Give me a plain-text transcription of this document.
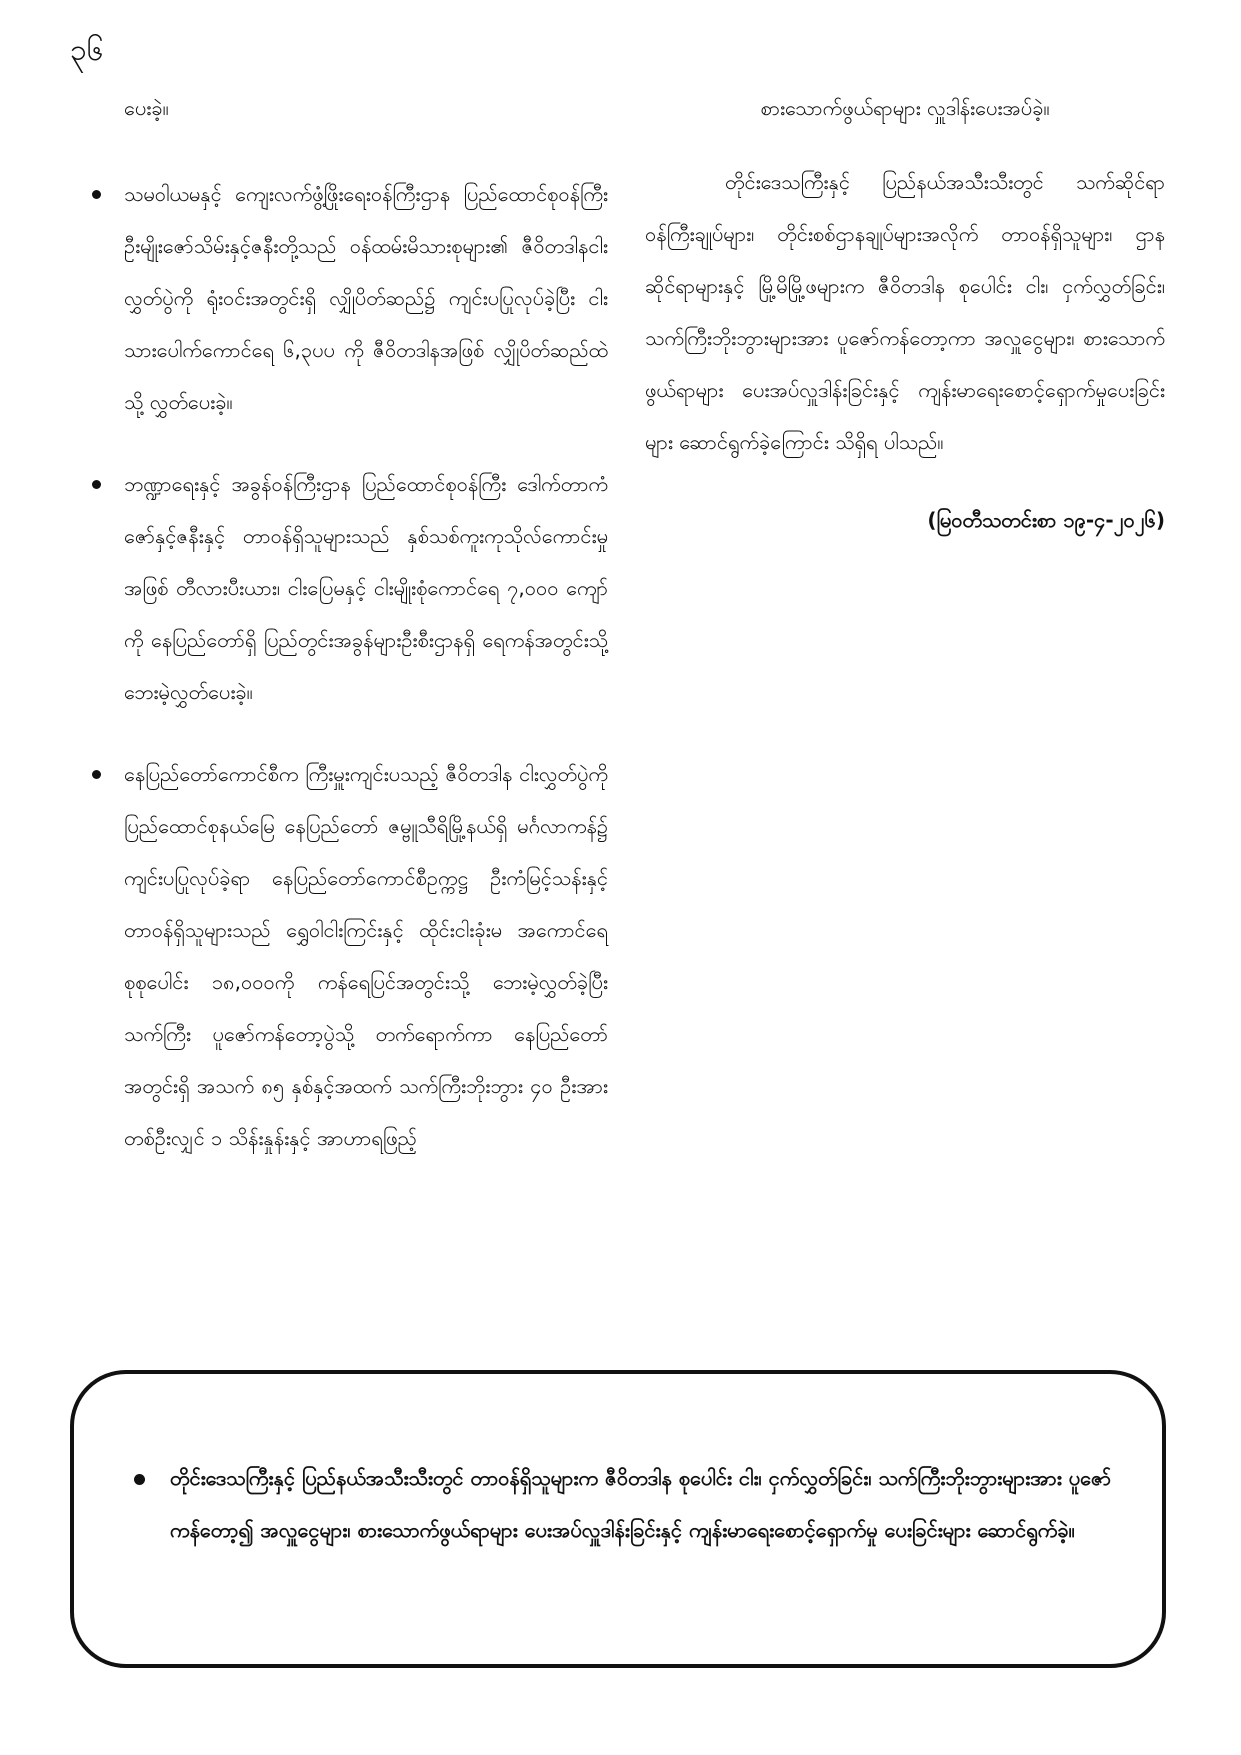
၃၆
ပေးခဲ့။
သမဝါယမနှင့် ကျေးလက်ဖွံ့ဖြိုးရေးဝန်ကြီးဌာန ပြည်ထောင်စုဝန်ကြီး ဦးမျိုးဇော်သိမ်းနှင့်ဇနီးတို့သည် ဝန်ထမ်းမိသားစုများ၏ ဇီဝိတဒါနငါးလွှတ်ပွဲကို ရုံးဝင်းအတွင်းရှိ လျှိုပိတ်ဆည်၌ ကျင်းပပြုလုပ်ခဲ့ပြီး ငါးသားပေါက်ကောင်ရေ ၆,၃ပပ ကို ဇီဝိတဒါနအဖြစ် လျှိုပိတ်ဆည်ထဲသို့ လွှတ်ပေးခဲ့။
ဘဏ္ဍာရေးနှင့် အခွန်ဝန်ကြီးဌာန ပြည်ထောင်စုဝန်ကြီး ဒေါက်တာကံဇော်နှင့်ဇနီးနှင့် တာဝန်ရှိသူများသည် နှစ်သစ်ကူးကုသိုလ်ကောင်းမှုအဖြစ် တီလားပီးယား၊ ငါးပြေမနှင့် ငါးမျိုးစုံကောင်ရေ ၇,၀၀၀ ကျော်ကို နေပြည်တော်ရှိ ပြည်တွင်းအခွန်များဦးစီးဌာနရှိ ရေကန်အတွင်းသို့ ဘေးမဲ့လွှတ်ပေးခဲ့။
နေပြည်တော်ကောင်စီက ကြီးမှူးကျင်းပသည့် ဇီဝိတဒါန ငါးလွှတ်ပွဲကို ပြည်ထောင်စုနယ်မြေ နေပြည်တော် ဇမ္ဗူသီရိမြို့နယ်ရှိ မင်္ဂလာကန်၌ ကျင်းပပြုလုပ်ခဲ့ရာ နေပြည်တော်ကောင်စီဥက္ကဋ္ဌ ဦးကံမြင့်သန်းနှင့်တာဝန်ရှိသူများသည် ရွှေဝါငါးကြင်းနှင့် ထိုင်းငါးခုံးမ အကောင်ရေ စုစုပေါင်း ၁၈,၀၀၀ကို ကန်ရေပြင်အတွင်းသို့ ဘေးမဲ့လွှတ်ခဲ့ပြီး သက်ကြီး ပူဇော်ကန်တော့ပွဲသို့ တက်ရောက်ကာ နေပြည်တော်အတွင်းရှိ အသက် ၈၅ နှစ်နှင့်အထက် သက်ကြီးဘိုးဘွား ၄၀ ဦးအား တစ်ဦးလျှင် ၁ သိန်းနှုန်းနှင့် အာဟာရဖြည့်
စားသောက်ဖွယ်ရာများ လှူဒါန်းပေးအပ်ခဲ့။
တိုင်းဒေသကြီးနှင့် ပြည်နယ်အသီးသီးတွင် သက်ဆိုင်ရာ ဝန်ကြီးချုပ်များ၊ တိုင်းစစ်ဌာနချုပ်များအလိုက် တာဝန်ရှိသူများ၊ ဌာနဆိုင်ရာများနှင့် မြို့မိမြို့ဖများက ဇီဝိတဒါန စုပေါင်း ငါး၊ ငှက်လွှတ်ခြင်း၊ သက်ကြီးဘိုးဘွားများအား ပူဇော်ကန်တော့ကာ အလှူငွေများ၊ စားသောက်ဖွယ်ရာများ ပေးအပ်လှူဒါန်းခြင်းနှင့် ကျန်းမာရေးစောင့်ရှောက်မှုပေးခြင်းများ ဆောင်ရွက်ခဲ့ကြောင်း သိရှိရ ပါသည်။
(မြဝတီသတင်းစာ ၁၉-၄-၂၀၂၆)
တိုင်းဒေသကြီးနှင့် ပြည်နယ်အသီးသီးတွင် တာဝန်ရှိသူများက ဇီဝိတဒါန စုပေါင်း ငါး၊ ငှက်လွှတ်ခြင်း၊ သက်ကြီးဘိုးဘွားများအား ပူဇော်ကန်တော့၍ အလှူငွေများ၊ စားသောက်ဖွယ်ရာများ ပေးအပ်လှူဒါန်းခြင်းနှင့် ကျန်းမာရေးစောင့်ရှောက်မှု ပေးခြင်းများ ဆောင်ရွက်ခဲ့။
